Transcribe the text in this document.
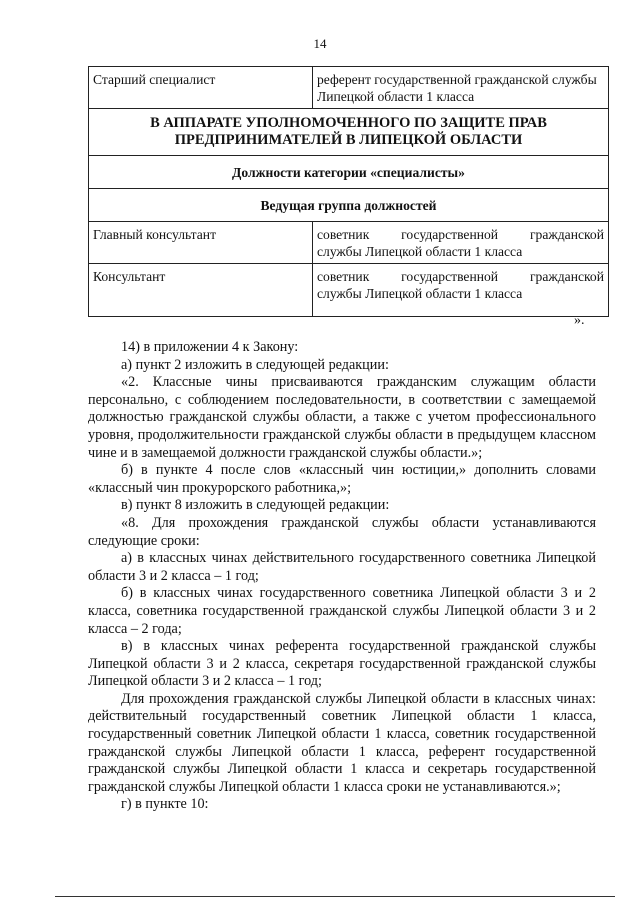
14
Старший специалист	референт государственной гражданской службы Липецкой области 1 класса
В АППАРАТЕ УПОЛНОМОЧЕННОГО ПО ЗАЩИТЕ ПРАВ ПРЕДПРИНИМАТЕЛЕЙ В ЛИПЕЦКОЙ ОБЛАСТИ	
Должности категории «специалисты»	
Ведущая группа должностей	
Главный консультант	советник государственной гражданской
службы Липецкой области 1 класса

Консультант	советник государственной гражданской
службы Липецкой области 1 класса
».

14) в приложении 4 к Закону:

а) пункт 2 изложить в следующей редакции:

«2. Классные чины присваиваются гражданским служащим области персонально, с соблюдением последовательности, в соответствии с замещаемой должностью гражданской службы области, а также с учетом профессионального уровня, продолжительности гражданской службы области в предыдущем классном чине и в замещаемой должности гражданской службы области.»;

б) в пункте 4 после слов «классный чин юстиции,» дополнить словами «классный чин прокурорского работника,»;

в) пункт 8 изложить в следующей редакции:

«8. Для прохождения гражданской службы области устанавливаются следующие сроки:

а) в классных чинах действительного государственного советника Липецкой области 3 и 2 класса – 1 год;

б) в классных чинах государственного советника Липецкой области 3 и 2 класса, советника государственной гражданской службы Липецкой области 3 и 2 класса – 2 года;

в) в классных чинах референта государственной гражданской службы Липецкой области 3 и 2 класса, секретаря государственной гражданской службы Липецкой области 3 и 2 класса – 1 год;

Для прохождения гражданской службы Липецкой области в классных чинах: действительный государственный советник Липецкой области 1 класса, государственный советник Липецкой области 1 класса, советник государственной гражданской службы Липецкой области 1 класса, референт государственной гражданской службы Липецкой области 1 класса и секретарь государственной гражданской службы Липецкой области 1 класса сроки не устанавливаются.»;

г) в пункте 10:
